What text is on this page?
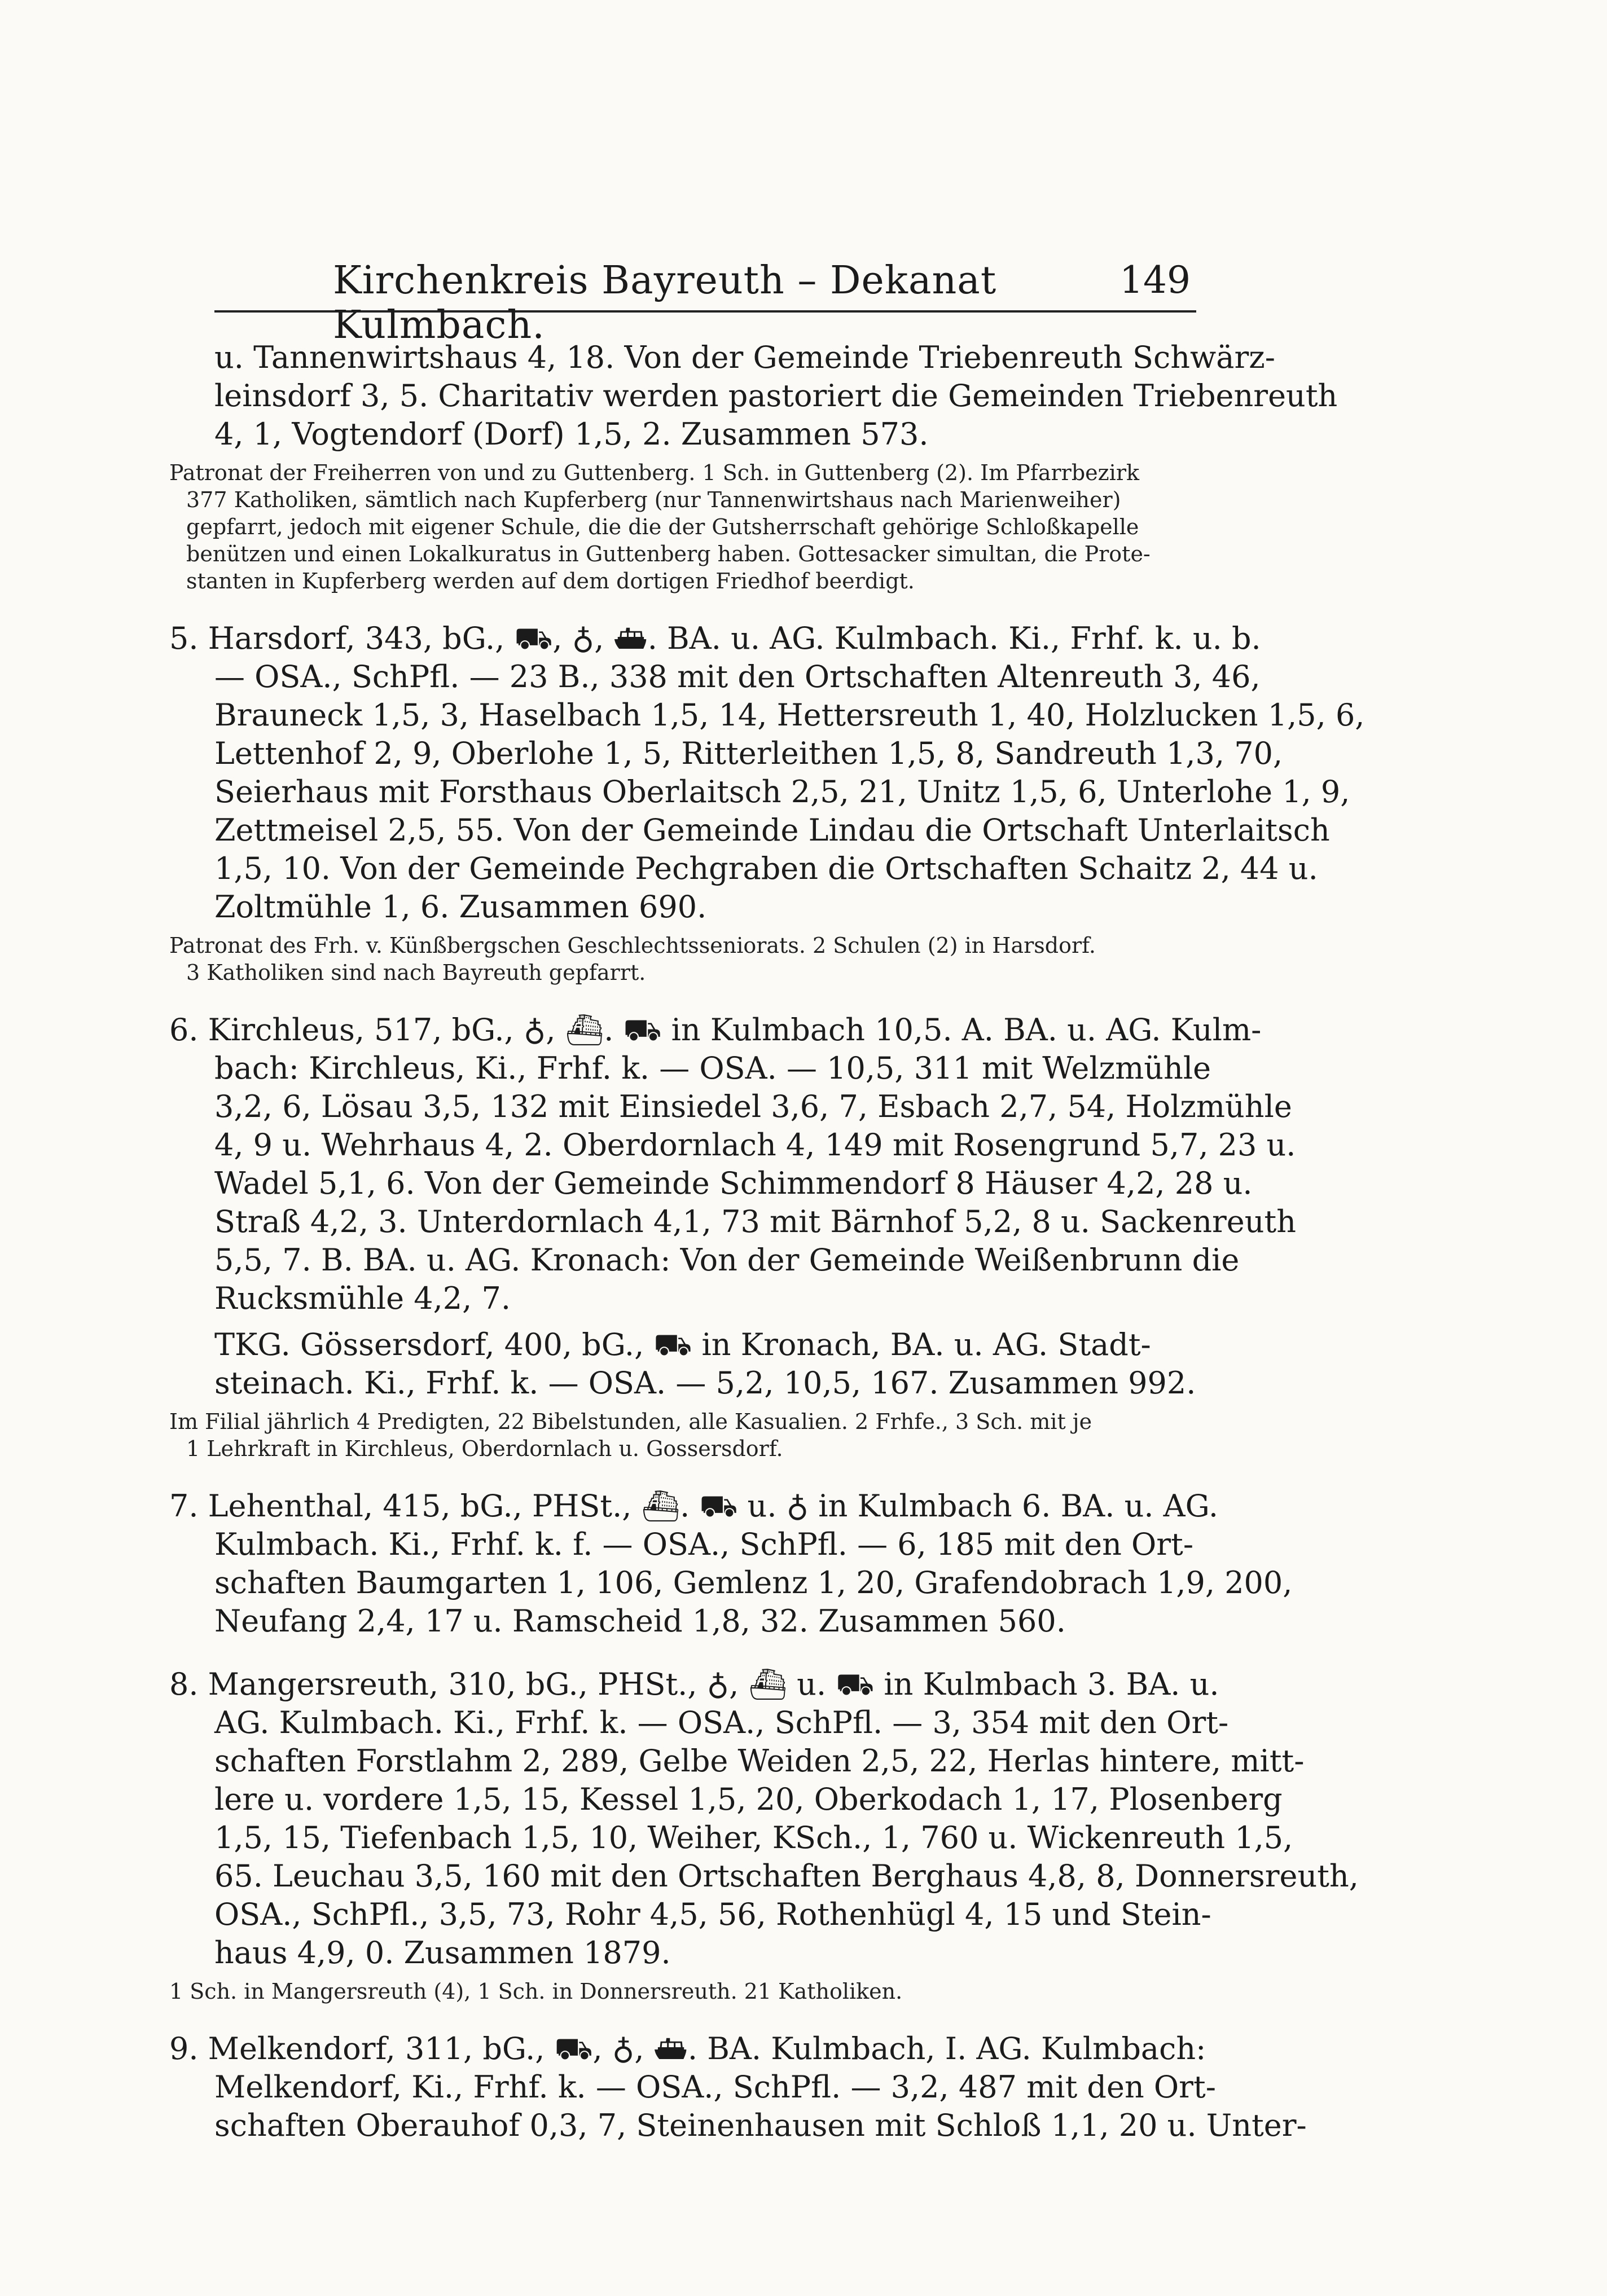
Kirchenkreis Bayreuth – Dekanat Kulmbach.
149

u. Tannenwirtshaus 4, 18. Von der Gemeinde Triebenreuth Schwärz-
leinsdorf 3, 5. Charitativ werden pastoriert die Gemeinden Triebenreuth
4, 1, Vogtendorf (Dorf) 1,5, 2. Zusammen 573.

Patronat der Freiherren von und zu Guttenberg. 1 Sch. in Guttenberg (2). Im Pfarrbezirk
377 Katholiken, sämtlich nach Kupferberg (nur Tannenwirtshaus nach Marienweiher)
gepfarrt, jedoch mit eigener Schule, die die der Gutsherrschaft gehörige Schloßkapelle
benützen und einen Lokalkuratus in Guttenberg haben. Gottesacker simultan, die Prote-
stanten in Kupferberg werden auf dem dortigen Friedhof beerdigt.

5. Harsdorf, 343, bG., ⛟, ♁, ⛴. BA. u. AG. Kulmbach. Ki., Frhf. k. u. b.
— OSA., SchPfl. — 23 B., 338 mit den Ortschaften Altenreuth 3, 46,
Brauneck 1,5, 3, Haselbach 1,5, 14, Hettersreuth 1, 40, Holzlucken 1,5, 6,
Lettenhof 2, 9, Oberlohe 1, 5, Ritterleithen 1,5, 8, Sandreuth 1,3, 70,
Seierhaus mit Forsthaus Oberlaitsch 2,5, 21, Unitz 1,5, 6, Unterlohe 1, 9,
Zettmeisel 2,5, 55. Von der Gemeinde Lindau die Ortschaft Unterlaitsch
1,5, 10. Von der Gemeinde Pechgraben die Ortschaften Schaitz 2, 44 u.
Zoltmühle 1, 6. Zusammen 690.

Patronat des Frh. v. Künßbergschen Geschlechtsseniorats. 2 Schulen (2) in Harsdorf.
3 Katholiken sind nach Bayreuth gepfarrt.

6. Kirchleus, 517, bG., ♁, ⛴. ⛟ in Kulmbach 10,5. A. BA. u. AG. Kulm-
bach: Kirchleus, Ki., Frhf. k. — OSA. — 10,5, 311 mit Welzmühle
3,2, 6, Lösau 3,5, 132 mit Einsiedel 3,6, 7, Esbach 2,7, 54, Holzmühle
4, 9 u. Wehrhaus 4, 2. Oberdornlach 4, 149 mit Rosengrund 5,7, 23 u.
Wadel 5,1, 6. Von der Gemeinde Schimmendorf 8 Häuser 4,2, 28 u.
Straß 4,2, 3. Unterdornlach 4,1, 73 mit Bärnhof 5,2, 8 u. Sackenreuth
5,5, 7. B. BA. u. AG. Kronach: Von der Gemeinde Weißenbrunn die
Rucksmühle 4,2, 7.

TKG. Gössersdorf, 400, bG., ⛟ in Kronach, BA. u. AG. Stadt-
steinach. Ki., Frhf. k. — OSA. — 5,2, 10,5, 167. Zusammen 992.

Im Filial jährlich 4 Predigten, 22 Bibelstunden, alle Kasualien. 2 Frhfe., 3 Sch. mit je
1 Lehrkraft in Kirchleus, Oberdornlach u. Gossersdorf.

7. Lehenthal, 415, bG., PHSt., ⛴. ⛟ u. ♁ in Kulmbach 6. BA. u. AG.
Kulmbach. Ki., Frhf. k. f. — OSA., SchPfl. — 6, 185 mit den Ort-
schaften Baumgarten 1, 106, Gemlenz 1, 20, Grafendobrach 1,9, 200,
Neufang 2,4, 17 u. Ramscheid 1,8, 32. Zusammen 560.

8. Mangersreuth, 310, bG., PHSt., ♁, ⛴ u. ⛟ in Kulmbach 3. BA. u.
AG. Kulmbach. Ki., Frhf. k. — OSA., SchPfl. — 3, 354 mit den Ort-
schaften Forstlahm 2, 289, Gelbe Weiden 2,5, 22, Herlas hintere, mitt-
lere u. vordere 1,5, 15, Kessel 1,5, 20, Oberkodach 1, 17, Plosenberg
1,5, 15, Tiefenbach 1,5, 10, Weiher, KSch., 1, 760 u. Wickenreuth 1,5,
65. Leuchau 3,5, 160 mit den Ortschaften Berghaus 4,8, 8, Donnersreuth,
OSA., SchPfl., 3,5, 73, Rohr 4,5, 56, Rothenhügl 4, 15 und Stein-
haus 4,9, 0. Zusammen 1879.

1 Sch. in Mangersreuth (4), 1 Sch. in Donnersreuth. 21 Katholiken.

9. Melkendorf, 311, bG., ⛟, ♁, ⛴. BA. Kulmbach, I. AG. Kulmbach:
Melkendorf, Ki., Frhf. k. — OSA., SchPfl. — 3,2, 487 mit den Ort-
schaften Oberauhof 0,3, 7, Steinenhausen mit Schloß 1,1, 20 u. Unter-
